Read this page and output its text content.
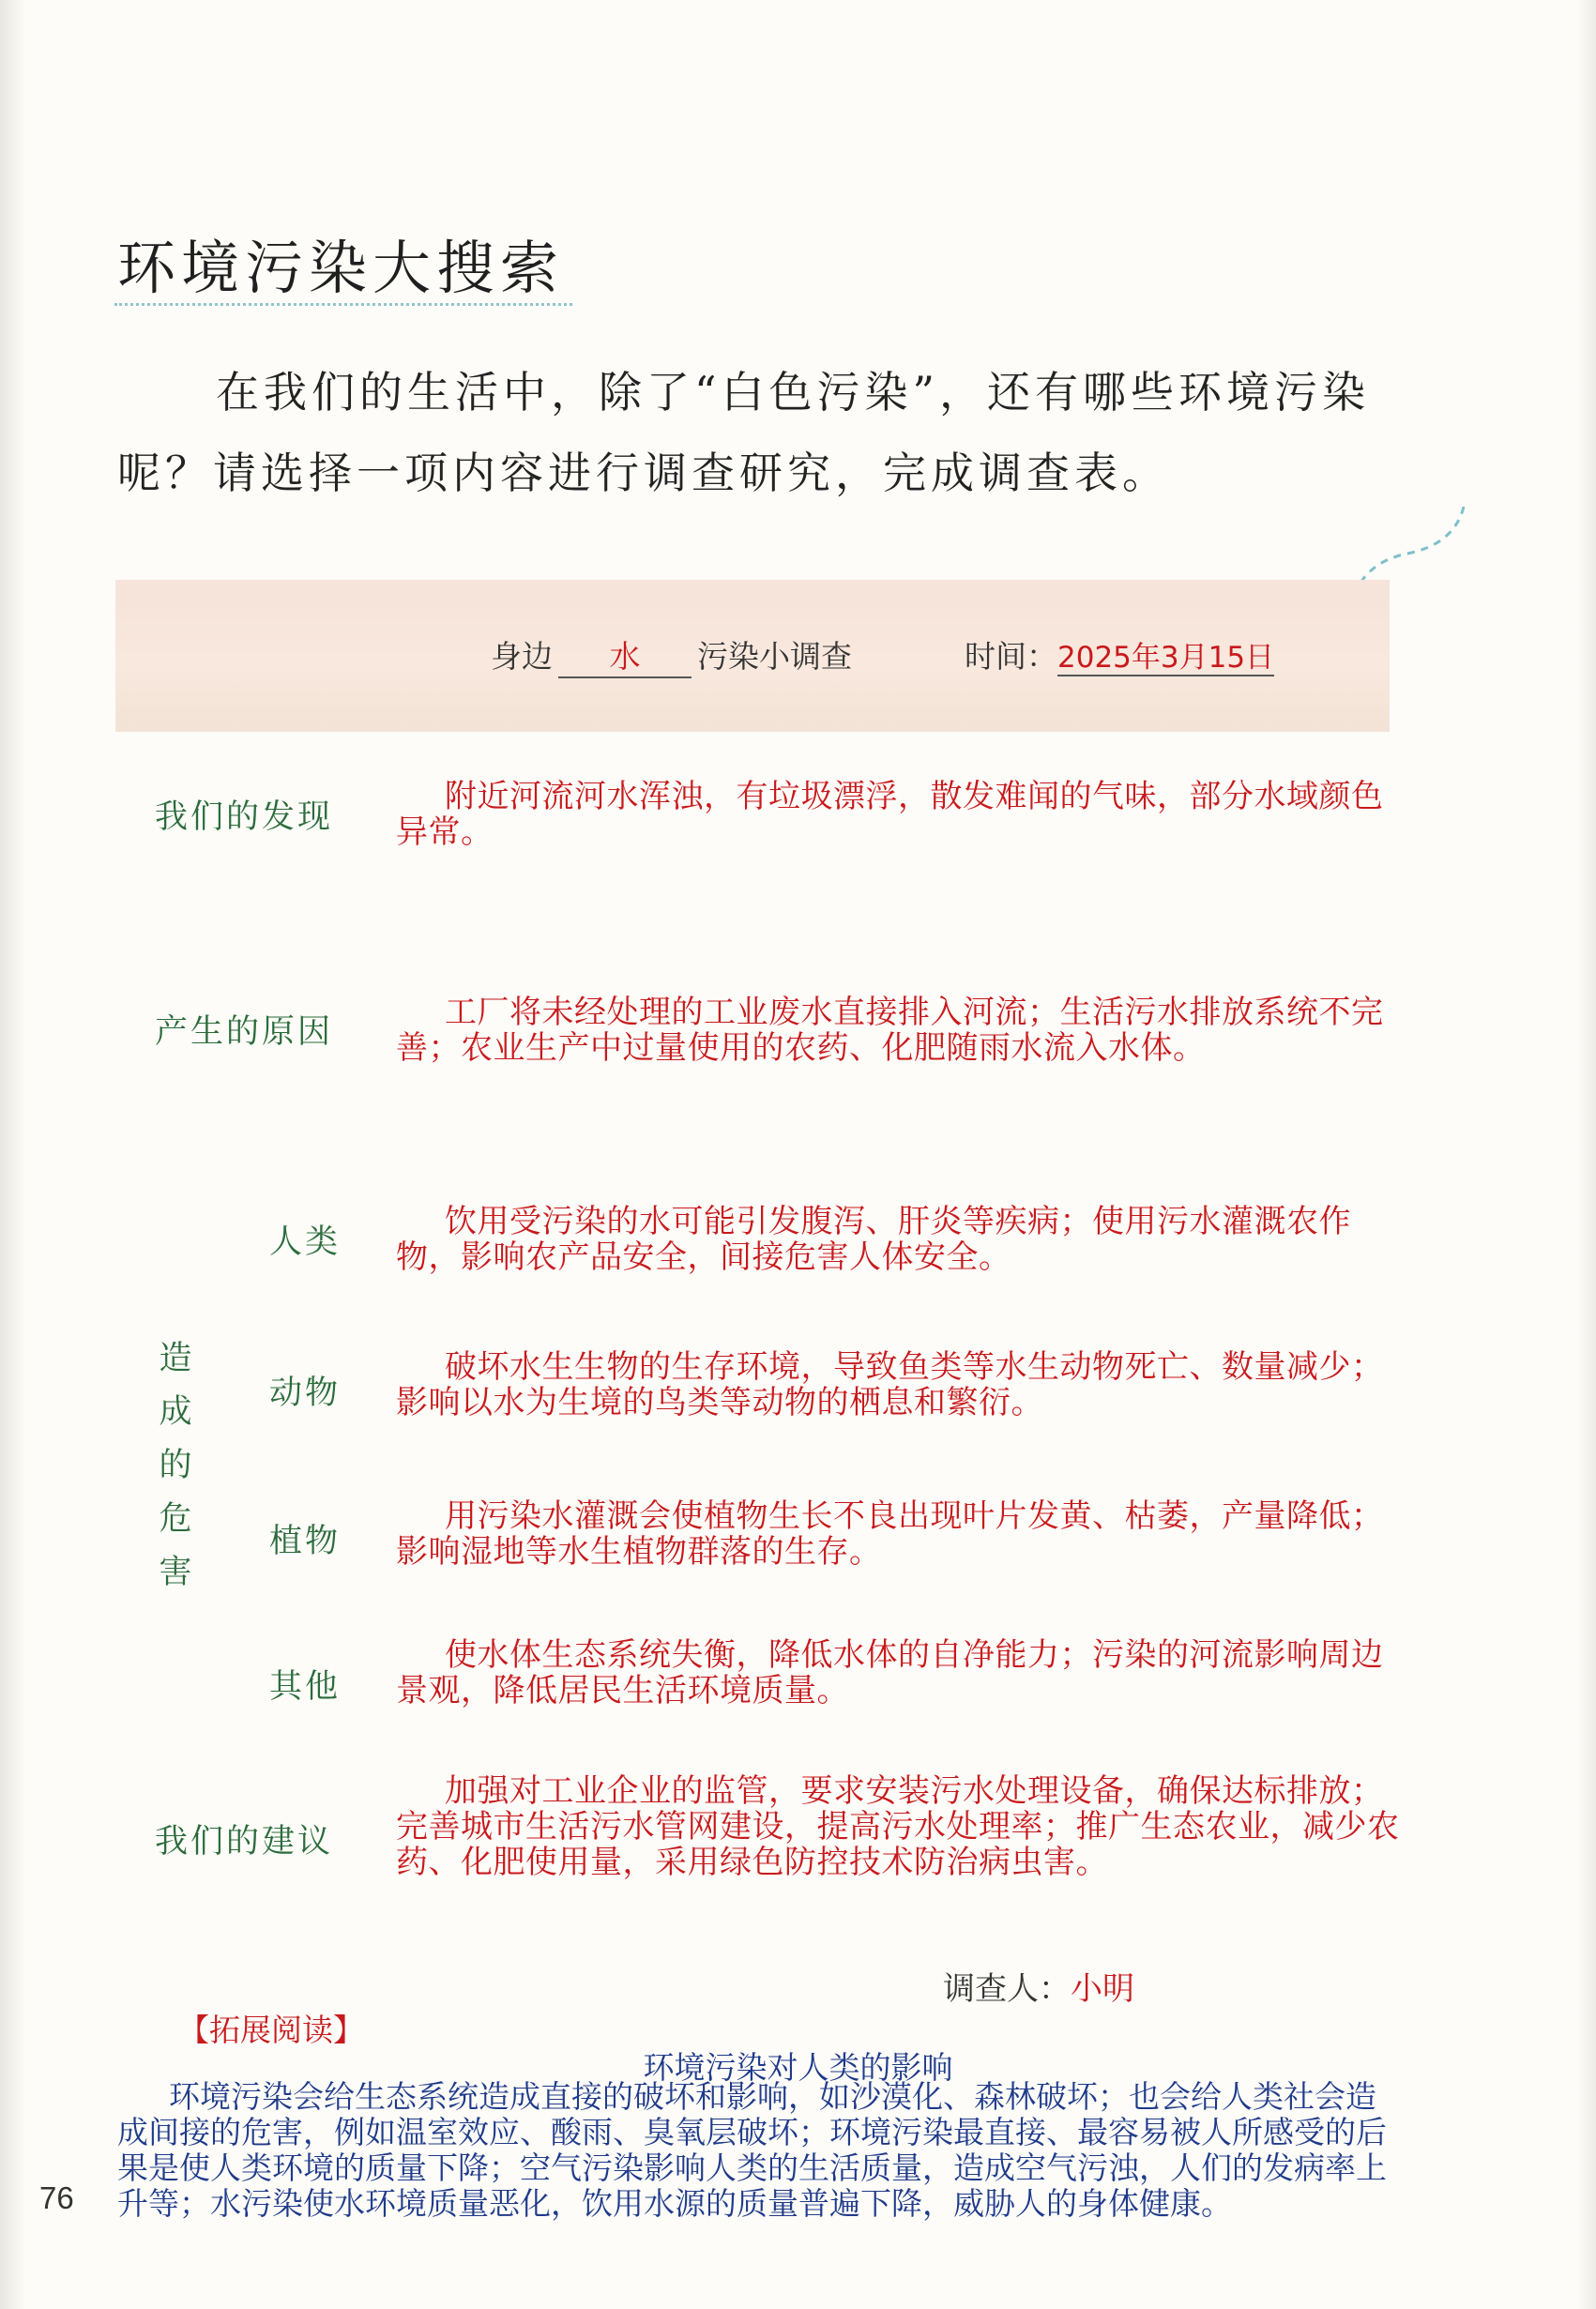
环境污染大搜索
在我们的生活中，除了“白色污染”，还有哪些环境污染呢？请选择一项内容进行调查研究，完成调查表。
身边 水 污染小调查	时间：2025年3月15日
我们的发现
附近河流河水浑浊，有垃圾漂浮，散发难闻的气味，部分水域颜色异常。
产生的原因
工厂将未经处理的工业废水直接排入河流；生活污水排放系统不完善；农业生产中过量使用的农药、化肥随雨水流入水体。
造
成
的
危
害
人类
饮用受污染的水可能引发腹泻、肝炎等疾病；使用污水灌溉农作物，影响农产品安全，间接危害人体安全。
动物
破坏水生生物的生存环境，导致鱼类等水生动物死亡、数量减少；影响以水为生境的鸟类等动物的栖息和繁衍。
植物
用污染水灌溉会使植物生长不良出现叶片发黄、枯萎，产量降低；影响湿地等水生植物群落的生存。
其他
使水体生态系统失衡，降低水体的自净能力；污染的河流影响周边景观，降低居民生活环境质量。
我们的建议
加强对工业企业的监管，要求安装污水处理设备，确保达标排放；完善城市生活污水管网建设，提高污水处理率；推广生态农业，减少农药、化肥使用量，采用绿色防控技术防治病虫害。
调查人：小明
【拓展阅读】
环境污染对人类的影响
环境污染会给生态系统造成直接的破坏和影响，如沙漠化、森林破坏；也会给人类社会造成间接的危害，例如温室效应、酸雨、臭氧层破坏；环境污染最直接、最容易被人所感受的后果是使人类环境的质量下降；空气污染影响人类的生活质量，造成空气污浊，人们的发病率上升等；水污染使水环境质量恶化，饮用水源的质量普遍下降，威胁人的身体健康。
76
